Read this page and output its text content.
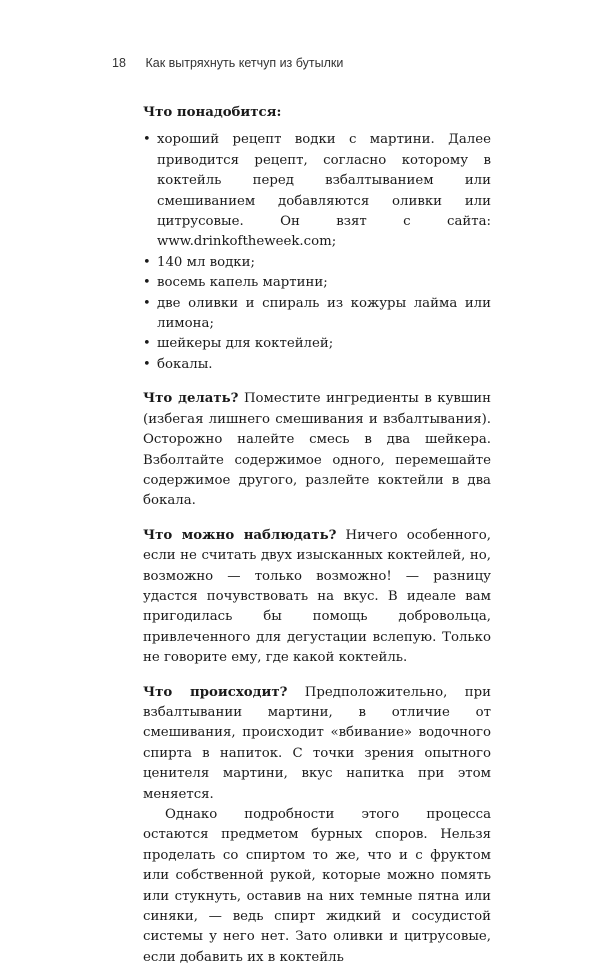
18 Как вытряхнуть кетчуп из бутылки
Что понадобится:
• хороший рецепт водки с мартини. Далее приводится рецепт, согласно которому в коктейль перед взбалтыванием или смешиванием добавляются оливки или цитрусовые. Он взят с сайта: www.drinkoftheweek.com;
• 140 мл водки;
• восемь капель мартини;
• две оливки и спираль из кожуры лайма или лимона;
• шейкеры для коктейлей;
• бокалы.

Что делать? Поместите ингредиенты в кувшин (избегая лишнего смешивания и взбалтывания). Осторожно налейте смесь в два шейкера. Взболтайте содержимое одного, перемешайте содержимое другого, разлейте коктейли в два бокала.

Что можно наблюдать? Ничего особенного, если не считать двух изысканных коктейлей, но, возможно — только возможно! — разницу удастся почувствовать на вкус. В идеале вам пригодилась бы помощь добровольца, привлеченного для дегустации вслепую. Только не говорите ему, где какой коктейль.

Что происходит? Предположительно, при взбалтывании мартини, в отличие от смешивания, происходит «вбивание» водочного спирта в напиток. С точки зрения опытного ценителя мартини, вкус напитка при этом меняется.

Однако подробности этого процесса остаются предметом бурных споров. Нельзя проделать со спиртом то же, что и с фруктом или собственной рукой, которые можно помять или стукнуть, оставив на них темные пятна или синяки, — ведь спирт жидкий и сосудистой системы у него нет. Зато оливки и цитрусовые, если добавить их в коктейль
